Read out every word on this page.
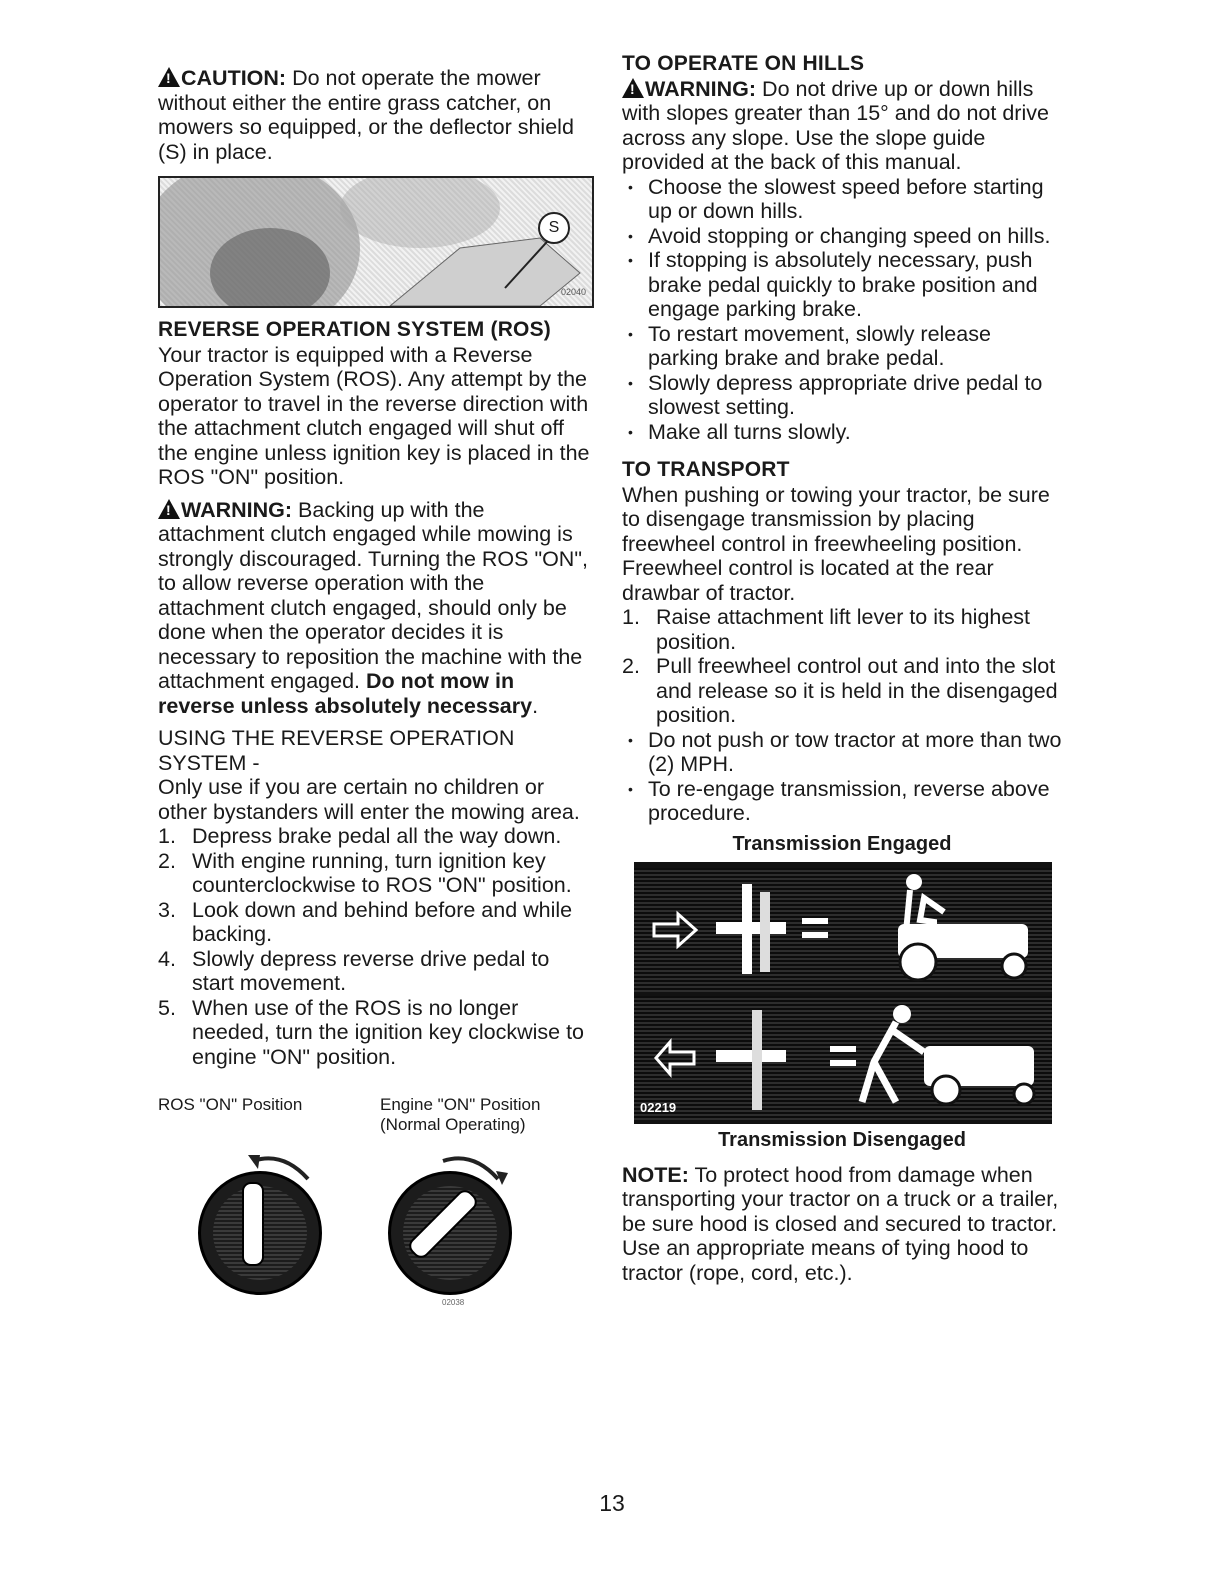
!CAUTION: Do not operate the mower without either the entire grass catcher, on mowers so equipped, or the deflector shield (S) in place.

S
02040

REVERSE OPERATION SYSTEM (ROS)

Your tractor is equipped with a Reverse Operation System (ROS). Any attempt by the operator to travel in the reverse direction with the attachment clutch engaged will shut off the engine unless ignition key is placed in the ROS "ON" position.

!WARNING: Backing up with the attachment clutch engaged while mowing is strongly discouraged. Turning the ROS "ON", to allow reverse operation with the attachment clutch engaged, should only be done when the operator decides it is necessary to reposition the machine with the attachment engaged. Do not mow in reverse unless absolutely necessary.

USING THE REVERSE OPERATION SYSTEM -

Only use if you are certain no children or other bystanders will enter the mowing area.

1. Depress brake pedal all the way down.
2. With engine running, turn ignition key counterclockwise to ROS "ON" position.
3. Look down and behind before and while backing.
4. Slowly depress reverse drive pedal to start movement.
5. When use of the ROS is no longer needed, turn the ignition key clockwise to engine "ON" position.
ROS "ON" Position	Engine "ON" Position
(Normal Operating)
02038

TO OPERATE ON HILLS

!WARNING: Do not drive up or down hills with slopes greater than 15° and do not drive across any slope. Use the slope guide provided at the back of this manual.

• Choose the slowest speed before starting up or down hills.
• Avoid stopping or changing speed on hills.
• If stopping is absolutely necessary, push brake pedal quickly to brake position and engage parking brake.
• To restart movement, slowly release parking brake and brake pedal.
• Slowly depress appropriate drive pedal to slowest setting.
• Make all turns slowly.

TO TRANSPORT

When pushing or towing your tractor, be sure to disengage transmission by placing freewheel control in freewheeling position. Freewheel control is located at the rear drawbar of tractor.

1. Raise attachment lift lever to its highest position.
2. Pull freewheel control out and into the slot and release so it is held in the disengaged position.
• Do not push or tow tractor at more than two (2) MPH.
• To re-engage transmission, reverse above procedure.

Transmission Engaged

02219

Transmission Disengaged

NOTE: To protect hood from damage when transporting your tractor on a truck or a trailer, be sure hood is closed and secured to tractor. Use an appropriate means of tying hood to tractor (rope, cord, etc.).

13
